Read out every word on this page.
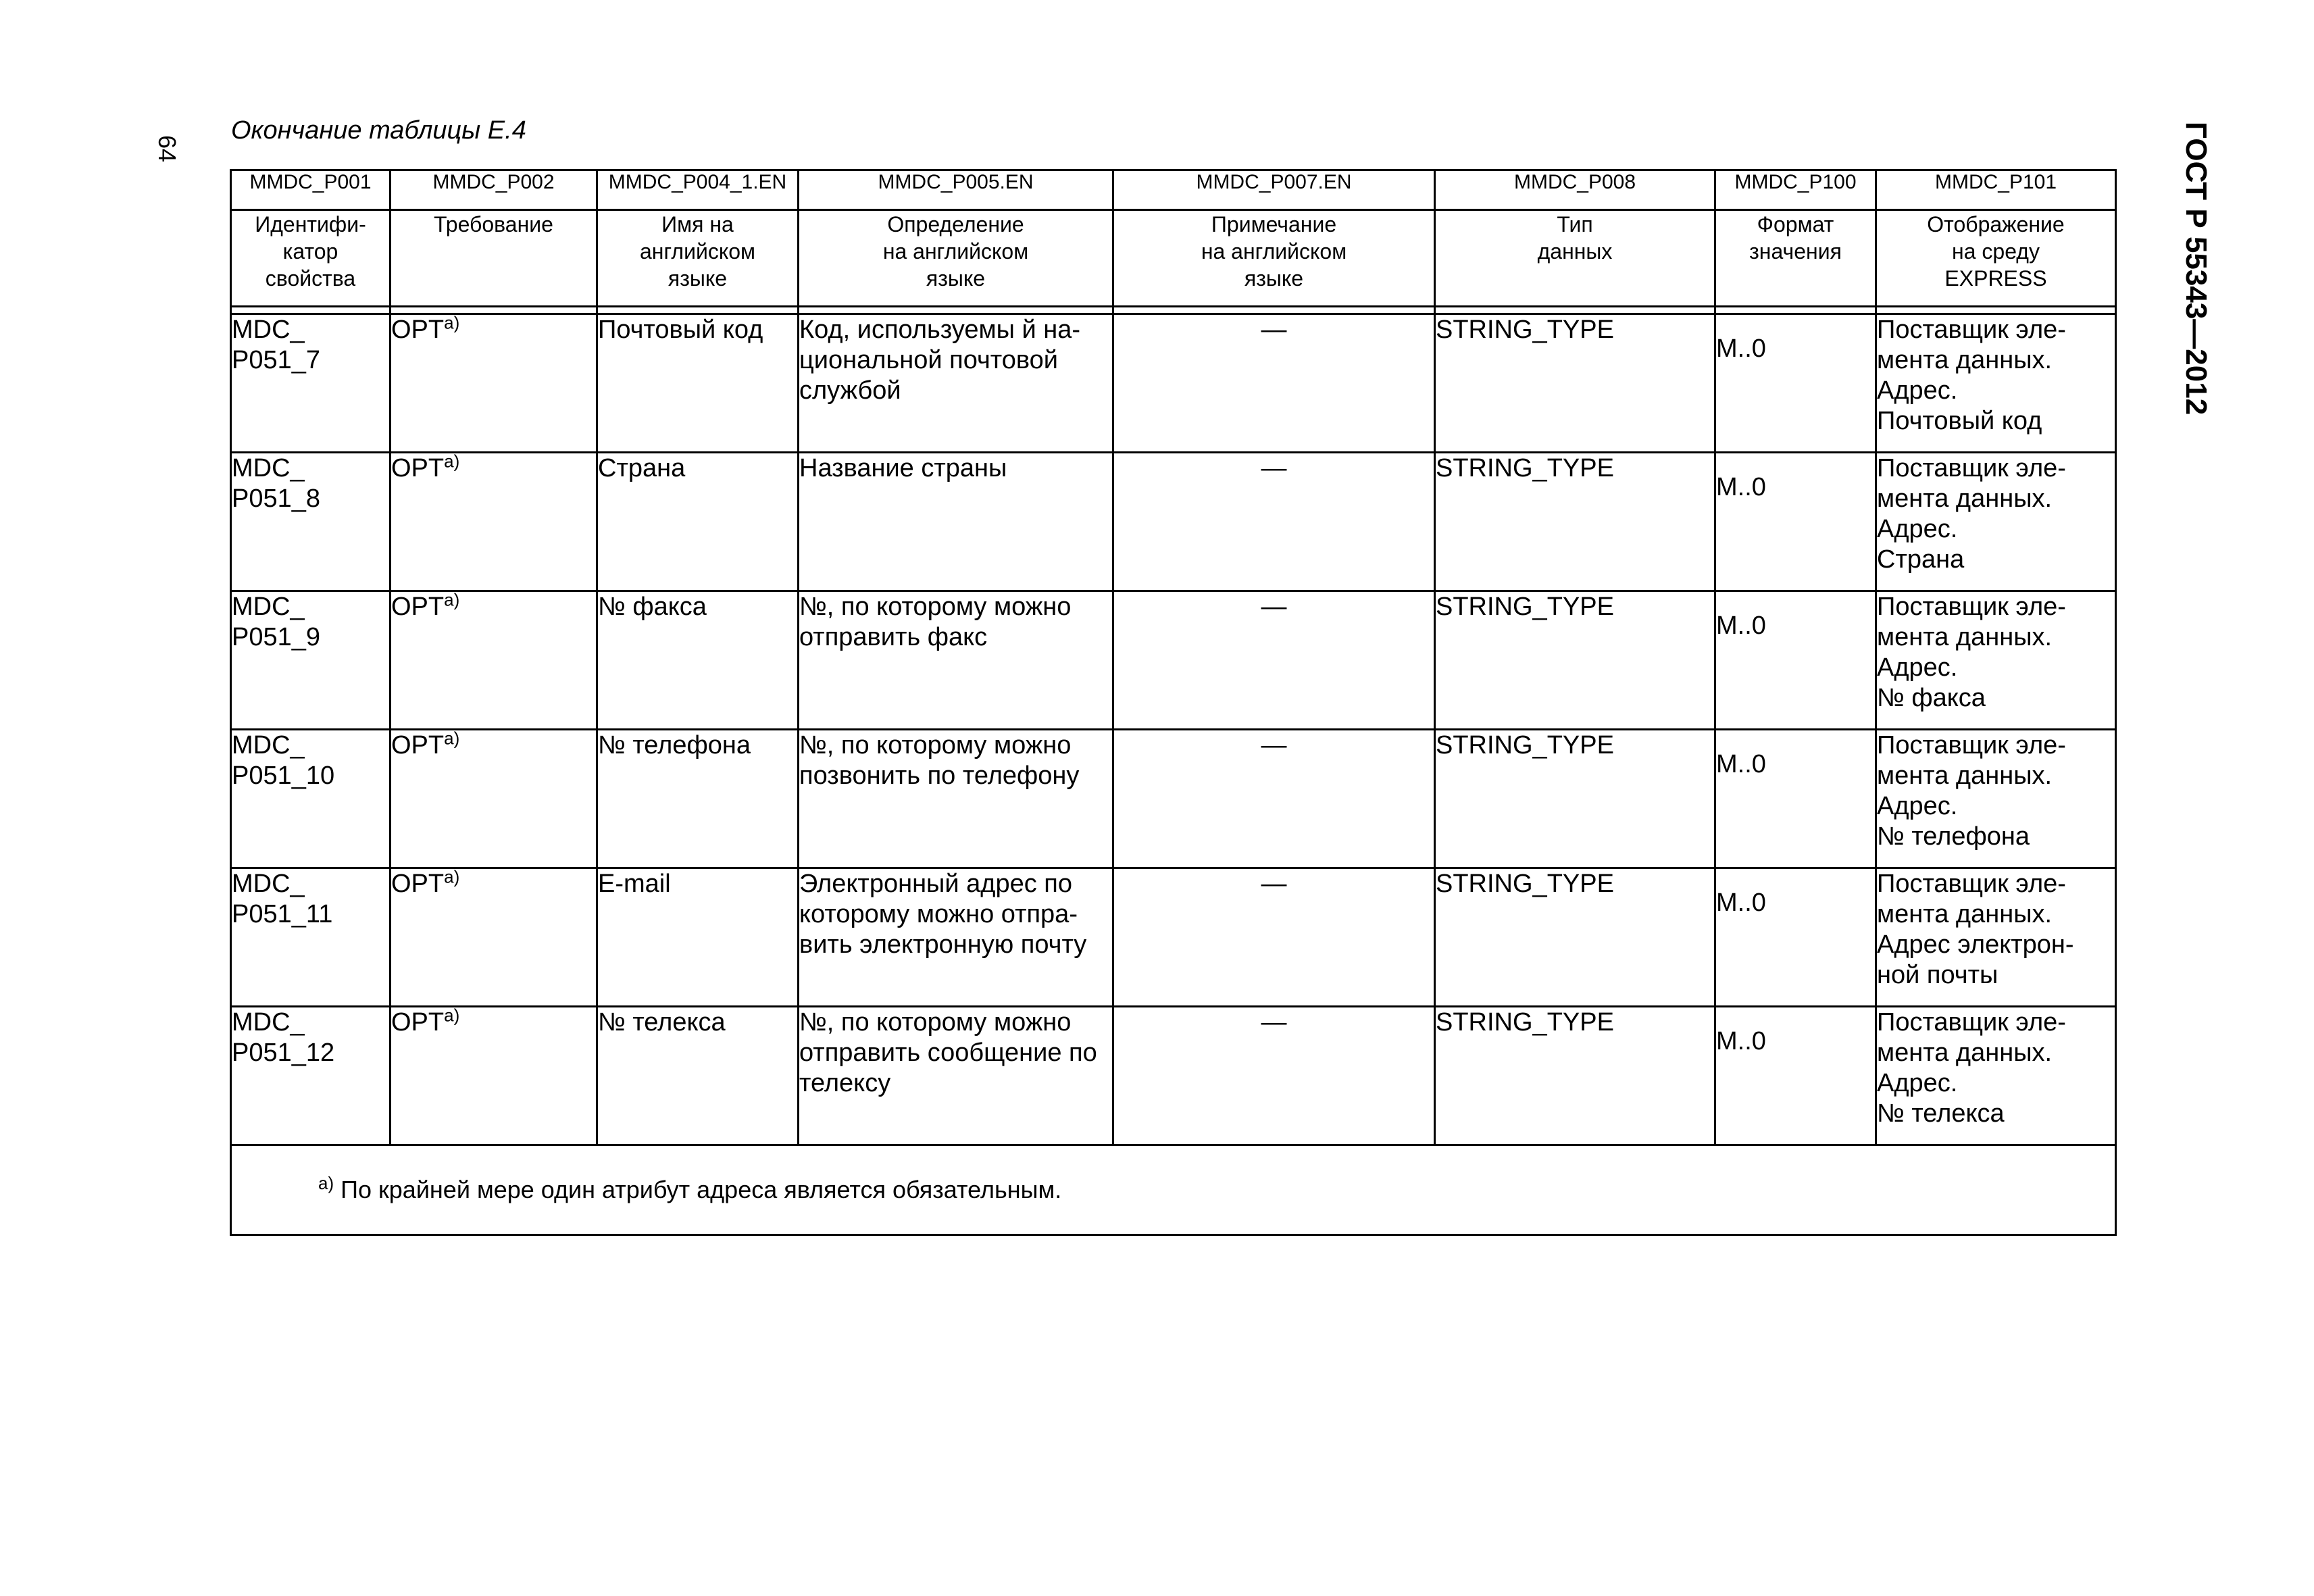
64
Окончание таблицы Е.4	ГОСТ Р 55343—2012
MMDC_P001	MMDC_P002	MMDC_P004_1.EN	MMDC_P005.EN	MMDC_P007.EN	MMDC_P008	MMDC_P100	MMDC_P101

Идентифи-
катор
свойства	Требование	Имя на
английском
языке	Определение
на английском
языке	Примечание
на английском
языке	Тип
данных	Формат
значения	Отображение
на среду
EXPRESS

MDC_
P051_7	$OPT^{а)}$	Почтовый код	Код, используемы й на-
циональной почтовой
службой	—	STRING_TYPE	M..0	Поставщик эле-
мента данных.
Адрес.
Почтовый код

MDC_
P051_8	$OPT^{а)}$	Страна	Название страны	—	STRING_TYPE	M..0	Поставщик эле-
мента данных.
Адрес.
Страна

MDC_
P051_9	$OPT^{а)}$	№ факса	№, по которому можно
отправить факс	—	STRING_TYPE	M..0	Поставщик эле-
мента данных.
Адрес.
№ факса

MDC_
P051_10	$OPT^{а)}$	№ телефона	№, по которому можно
позвонить по телефону	—	STRING_TYPE	M..0	Поставщик эле-
мента данных.
Адрес.
№ телефона

MDC_
P051_11	$OPT^{а)}$	E-mail	Электронный адрес по
которому можно отпра-
вить электронную почту	—	STRING_TYPE	M..0	Поставщик эле-
мента данных.
Адрес электрон-
ной почты

MDC_
P051_12	$OPT^{а)}$	№ телекса	№, по которому можно
отправить сообщение по
телексу	—	STRING_TYPE	M..0	Поставщик эле-
мента данных.
Адрес.
№ телекса

$^{а)}$ По крайней мере один атрибут адреса является обязательным.							
